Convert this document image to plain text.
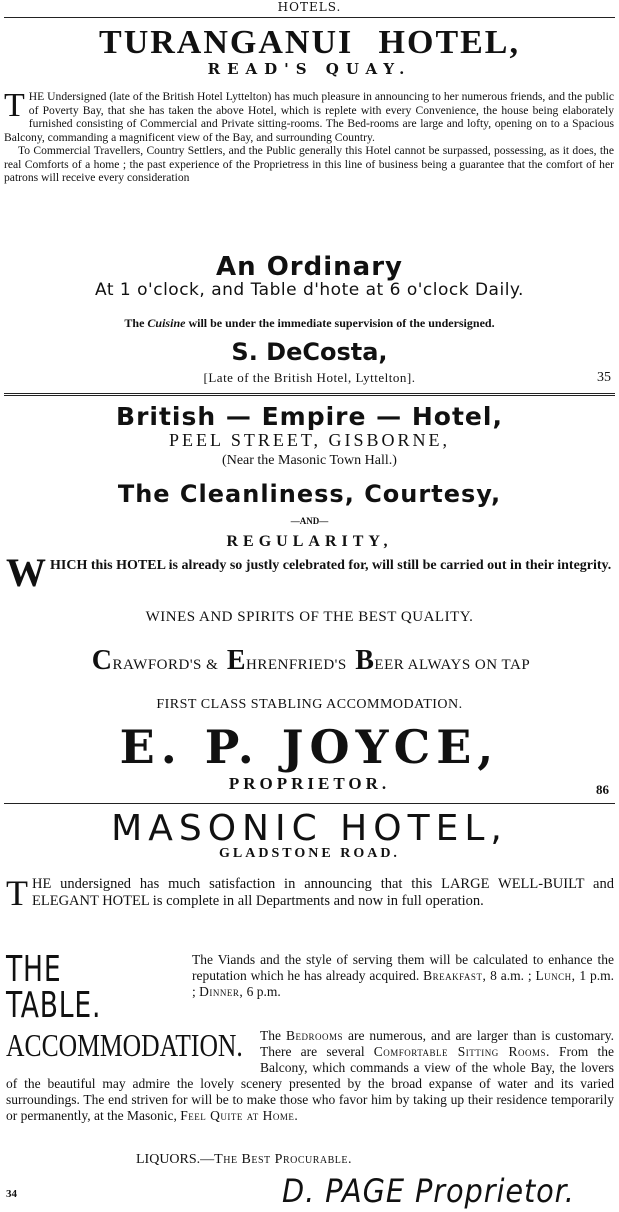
HOTELS.
TURANGANUI HOTEL,
READ'S QUAY.
T HE Undersigned (late of the British Hotel Lyttelton) has much pleasure in announcing to her numerous friends, and the public of Poverty Bay, that she has taken the above Hotel, which is replete with every Convenience, the house being elaborately furnished consisting of Commercial and Private sitting-rooms. The Bed-rooms are large and lofty, opening on to a Spacious Balcony, commanding a magnificent view of the Bay, and surrounding Country.
To Commercial Travellers, Country Settlers, and the Public generally this Hotel cannot be surpassed, possessing, as it does, the real Comforts of a home ; the past experience of the Proprietress in this line of business being a guarantee that the comfort of her patrons will receive every consideration
An Ordinary
At 1 o'clock, and Table d'hote at 6 o'clock Daily.
The Cuisine will be under the immediate supervision of the undersigned.
S. DeCosta,
[Late of the British Hotel, Lyttelton].	35
British — Empire — Hotel,
PEEL STREET, GISBORNE,
(Near the Masonic Town Hall.)
The Cleanliness, Courtesy,
—AND—
REGULARITY,
W HICH this HOTEL is already so justly celebrated for, will still be carried out in their integrity.
WINES AND SPIRITS OF THE BEST QUALITY.
CRAWFORD'S & EHRENFRIED'S BEER ALWAYS ON TAP
FIRST CLASS STABLING ACCOMMODATION.
E. P. JOYCE,
PROPRIETOR.	86
MASONIC HOTEL,
GLADSTONE ROAD.
T HE undersigned has much satisfaction in announcing that this LARGE WELL-BUILT and ELEGANT HOTEL is complete in all Departments and now in full operation.
THE TABLE.
The Viands and the style of serving them will be calculated to enhance the reputation which he has already acquired. Breakfast, 8 a.m. ; Lunch, 1 p.m. ; Dinner, 6 p.m.
ACCOMMODATION. The Bedrooms are numerous, and are larger than is customary. There are several Comfortable Sitting Rooms. From the Balcony, which commands a view of the whole Bay, the lovers of the beautiful may admire the lovely scenery presented by the broad expanse of water and its varied surroundings. The end striven for will be to make those who favor him by taking up their residence temporarily or permanently, at the Masonic, Feel Quite at Home.
LIQUORS.—The Best Procurable.
34	D. PAGE Proprietor.
